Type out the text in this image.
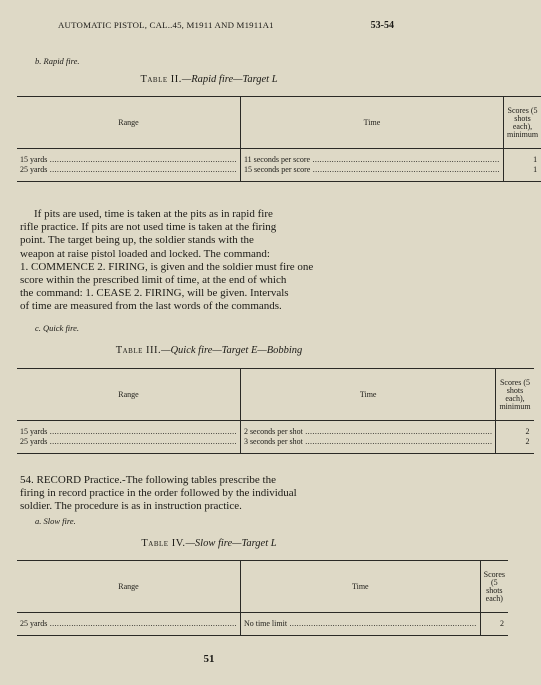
AUTOMATIC PISTOL, CAL..45, M1911 AND M1911A1	53-54
b. Rapid fire.
Table II.—Rapid fire—Target L
Range	Time	Scores (5 shots each), minimum
15 yards .....	11 seconds per score .....	1
25 yards .....	15 seconds per score .....	1

If pits are used, time is taken at the pits as in rapid fire

rifle practice. If pits are not used time is taken at the firing

point. The target being up, the soldier stands with the

weapon at raise pistol loaded and locked. The command:

1. COMMENCE 2. FIRING, is given and the soldier must fire one

score within the prescribed limit of time, at the end of which

the command: 1. CEASE 2. FIRING, will be given. Intervals

of time are measured from the last words of the commands.

c. Quick fire.
Table III.—Quick fire—Target E—Bobbing
Range	Time	Scores (5 shots each), minimum
15 yards .....	2 seconds per shot .....	2
25 yards .....	3 seconds per shot .....	2

54. RECORD Practice.-The following tables prescribe the

firing in record practice in the order followed by the individual

soldier. The procedure is as in instruction practice.

a. Slow fire.
Table IV.—Slow fire—Target L
Range	Time	Scores (5 shots each)
25 yards .....	No time limit .....	2
51
